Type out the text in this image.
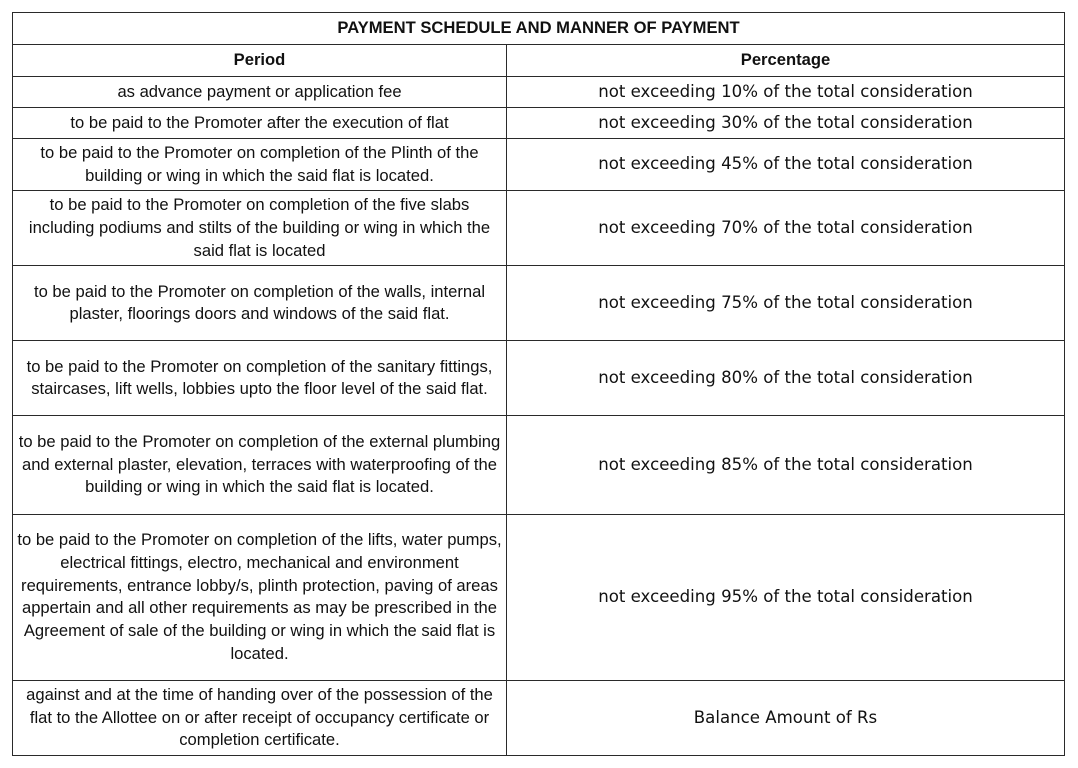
PAYMENT SCHEDULE AND MANNER OF PAYMENT	
Period	Percentage
as advance payment or application fee	not exceeding 10% of the total consideration
to be paid to the Promoter after the execution of flat	not exceeding 30% of the total consideration
to be paid to the Promoter on completion of the Plinth of the building or wing in which the said flat is located.	not exceeding 45% of the total consideration
to be paid to the Promoter on completion of the five slabs including podiums and stilts of the building or wing in which the said flat is located	not exceeding 70% of the total consideration
to be paid to the Promoter on completion of the walls, internal plaster, floorings doors and windows of the said flat.	not exceeding 75% of the total consideration
to be paid to the Promoter on completion of the sanitary fittings, staircases, lift wells, lobbies upto the floor level of the said flat.	not exceeding 80% of the total consideration
to be paid to the Promoter on completion of the external plumbing and external plaster, elevation, terraces with waterproofing of the building or wing in which the said flat is located.	not exceeding 85% of the total consideration
to be paid to the Promoter on completion of the lifts, water pumps, electrical fittings, electro, mechanical and environment requirements, entrance lobby/s, plinth protection, paving of areas appertain and all other requirements as may be prescribed in the Agreement of sale of the building or wing in which the said flat is located.	not exceeding 95% of the total consideration
against and at the time of handing over of the possession of the flat to the Allottee on or after receipt of occupancy certificate or completion certificate.	Balance Amount of Rs
